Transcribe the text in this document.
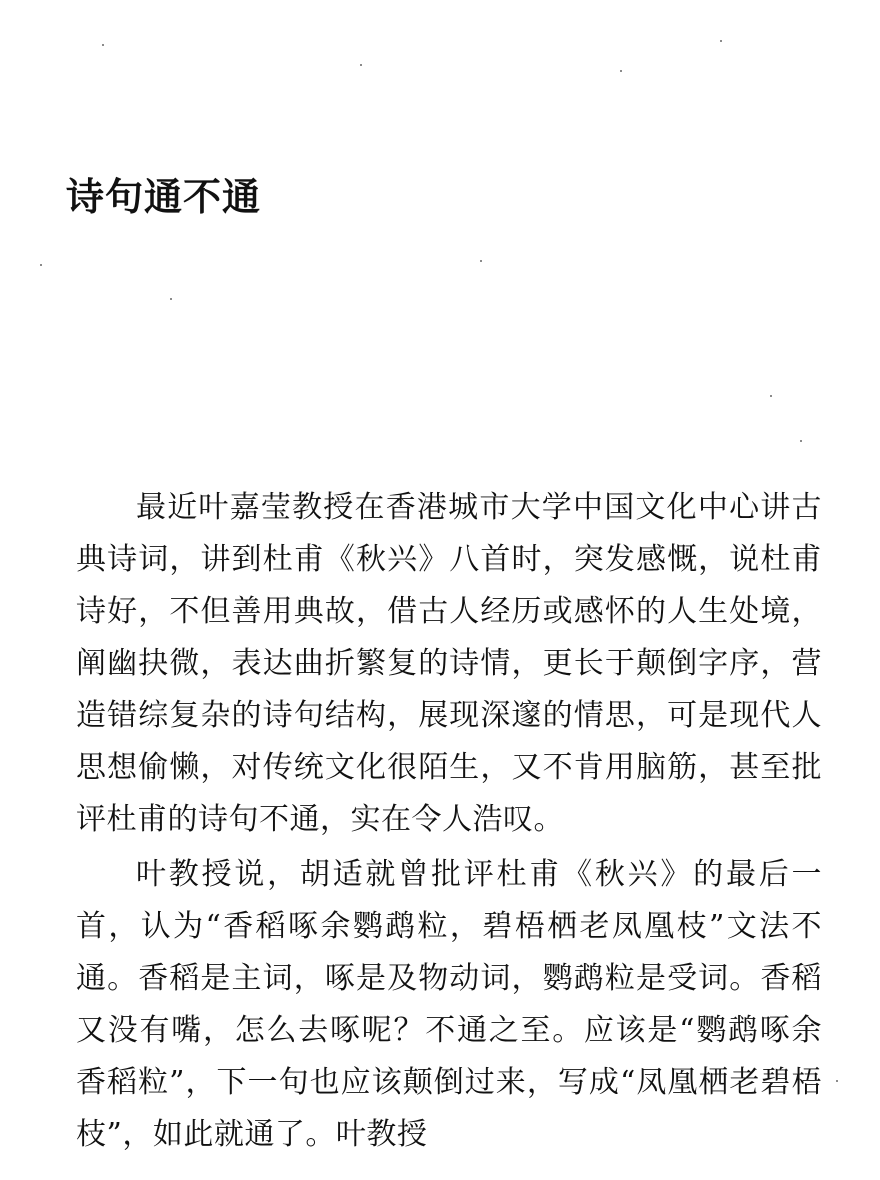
诗句通不通

最近叶嘉莹教授在香港城市大学中国文化中心讲古典诗词，讲到杜甫《秋兴》八首时，突发感慨，说杜甫诗好，不但善用典故，借古人经历或感怀的人生处境，阐幽抉微，表达曲折繁复的诗情，更长于颠倒字序，营造错综复杂的诗句结构，展现深邃的情思，可是现代人思想偷懒，对传统文化很陌生，又不肯用脑筋，甚至批评杜甫的诗句不通，实在令人浩叹。

叶教授说，胡适就曾批评杜甫《秋兴》的最后一首，认为“香稻啄余鹦鹉粒，碧梧栖老凤凰枝”文法不通。香稻是主词，啄是及物动词，鹦鹉粒是受词。香稻又没有嘴，怎么去啄呢？不通之至。应该是“鹦鹉啄余香稻粒”，下一句也应该颠倒过来，写成“凤凰栖老碧梧枝”，如此就通了。叶教授
